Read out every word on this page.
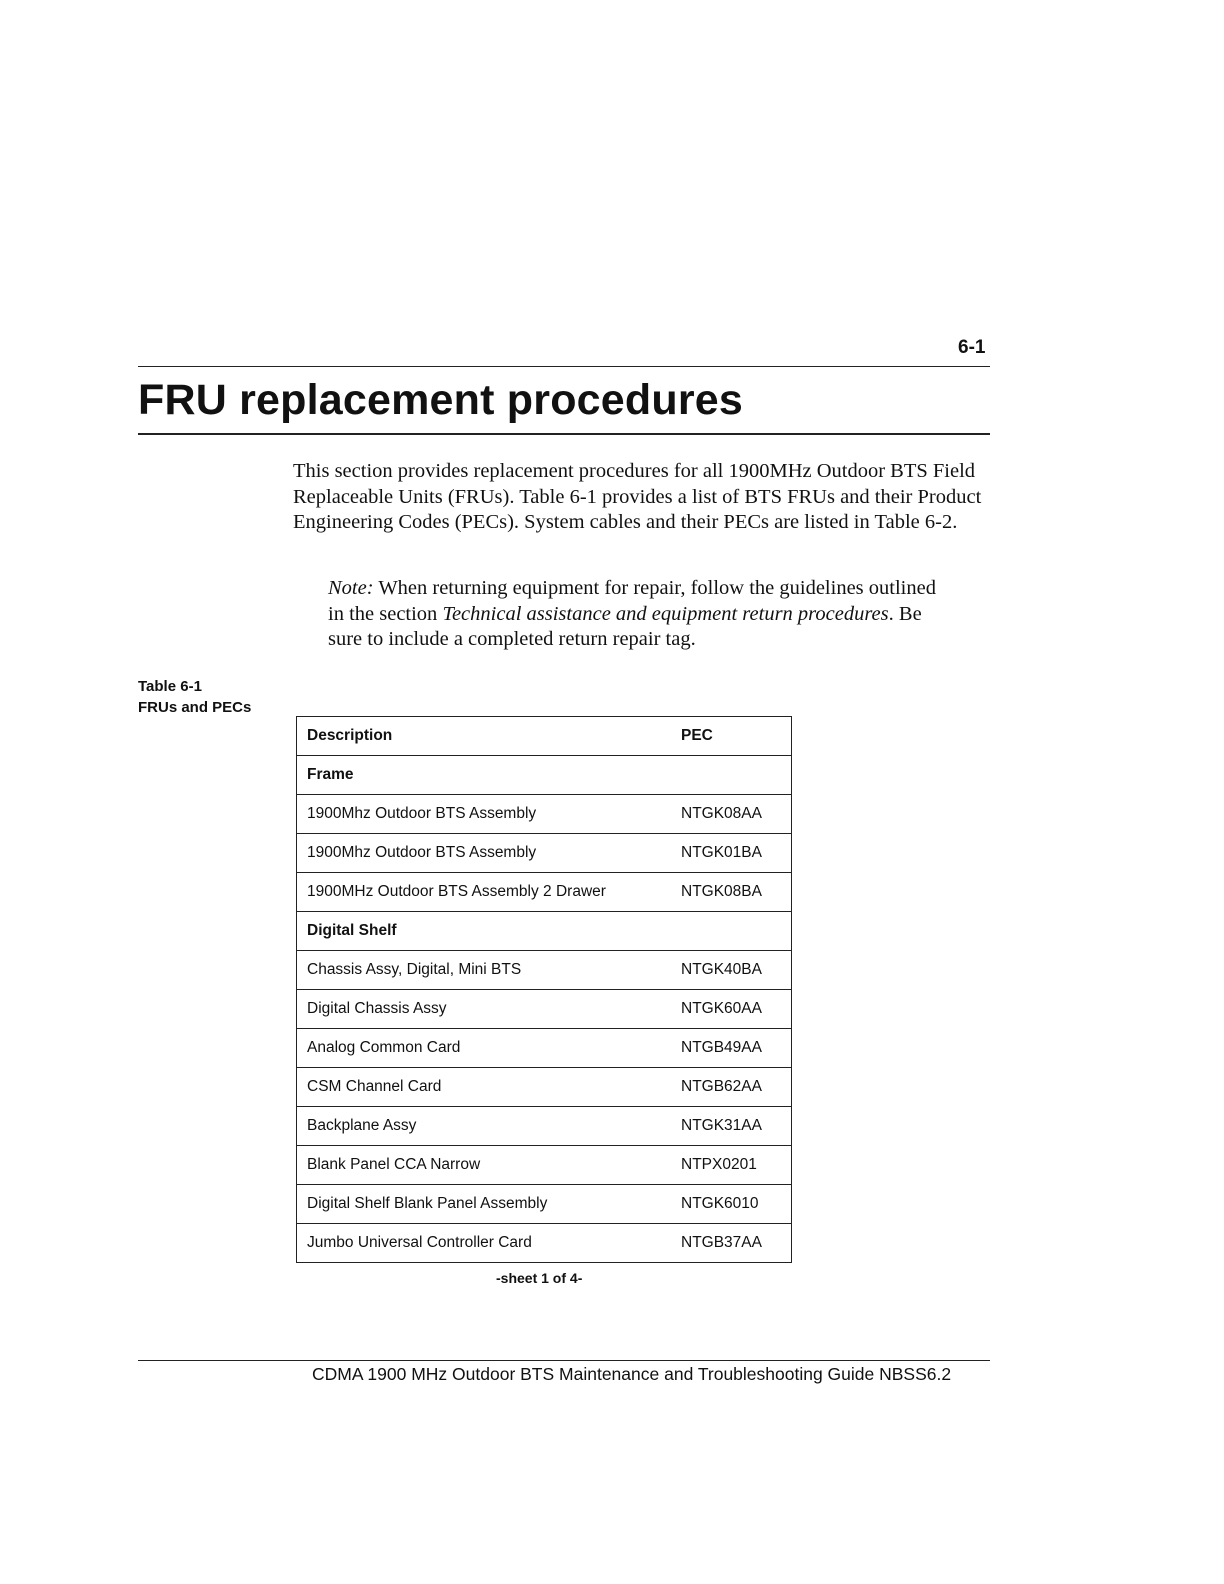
6-1
FRU replacement procedures
This section provides replacement procedures for all 1900MHz Outdoor BTS Field Replaceable Units (FRUs). Table 6-1 provides a list of BTS FRUs and their Product Engineering Codes (PECs). System cables and their PECs are listed in Table 6-2.
Note: When returning equipment for repair, follow the guidelines outlined in the section Technical assistance and equipment return procedures. Be sure to include a completed return repair tag.
Table 6-1
FRUs and PECs
Description	PEC
Frame	
1900Mhz Outdoor BTS Assembly	NTGK08AA
1900Mhz Outdoor BTS Assembly	NTGK01BA
1900MHz Outdoor BTS Assembly 2 Drawer	NTGK08BA
Digital Shelf	
Chassis Assy, Digital, Mini BTS	NTGK40BA
Digital Chassis Assy	NTGK60AA
Analog Common Card	NTGB49AA
CSM Channel Card	NTGB62AA
Backplane Assy	NTGK31AA
Blank Panel CCA Narrow	NTPX0201
Digital Shelf Blank Panel Assembly	NTGK6010
Jumbo Universal Controller Card	NTGB37AA
-sheet 1 of 4-
CDMA 1900 MHz Outdoor BTS Maintenance and Troubleshooting Guide NBSS6.2
